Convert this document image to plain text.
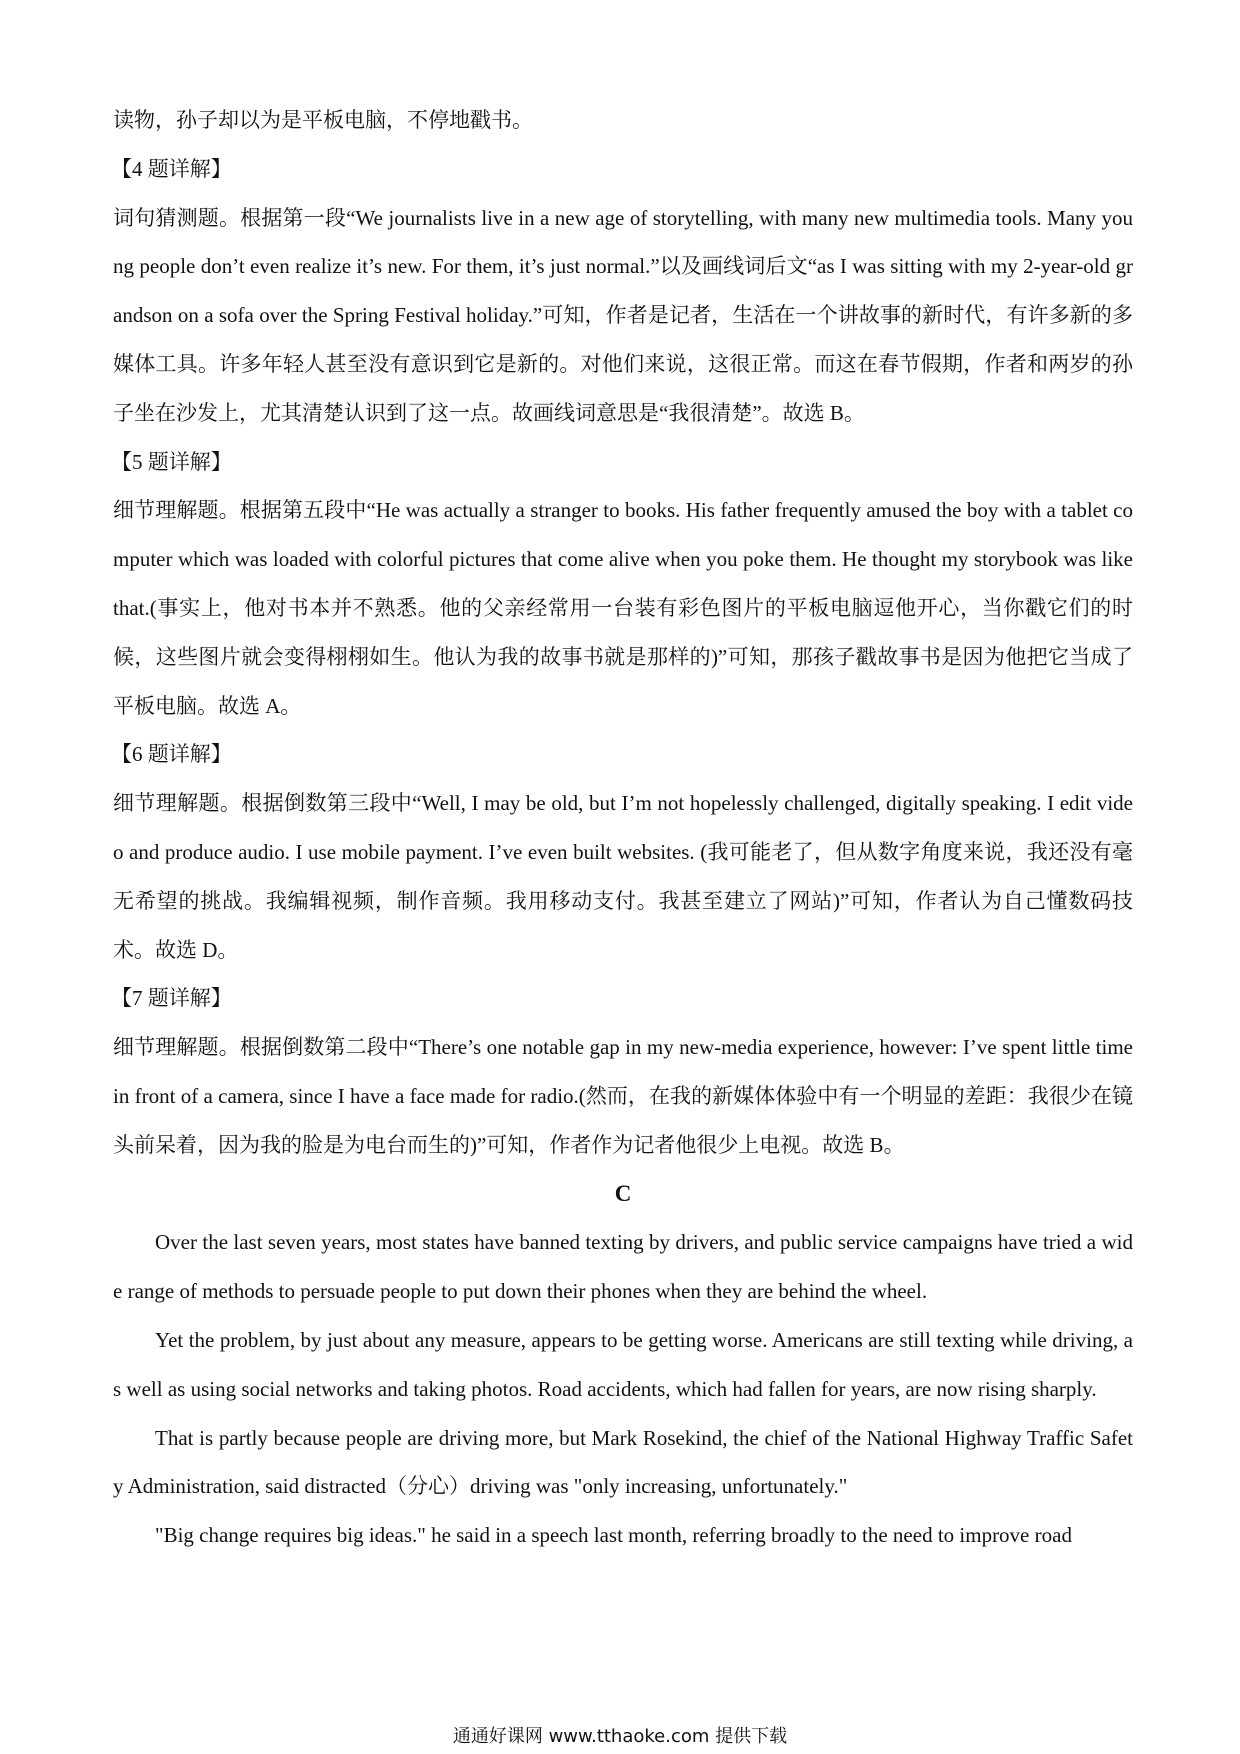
读物，孙子却以为是平板电脑，不停地戳书。

【4 题详解】

词句猜测题。根据第一段“We journalists live in a new age of storytelling, with many new multimedia tools. Many young people don’t even realize it’s new. For them, it’s just normal.”以及画线词后文“as I was sitting with my 2-year-old grandson on a sofa over the Spring Festival holiday.”可知，作者是记者，生活在一个讲故事的新时代，有许多新的多媒体工具。许多年轻人甚至没有意识到它是新的。对他们来说，这很正常。而这在春节假期，作者和两岁的孙子坐在沙发上，尤其清楚认识到了这一点。故画线词意思是“我很清楚”。故选 B。

【5 题详解】

细节理解题。根据第五段中“He was actually a stranger to books. His father frequently amused the boy with a tablet computer which was loaded with colorful pictures that come alive when you poke them. He thought my storybook was like that.(事实上，他对书本并不熟悉。他的父亲经常用一台装有彩色图片的平板电脑逗他开心，当你戳它们的时候，这些图片就会变得栩栩如生。他认为我的故事书就是那样的)”可知，那孩子戳故事书是因为他把它当成了平板电脑。故选 A。

【6 题详解】

细节理解题。根据倒数第三段中“Well, I may be old, but I’m not hopelessly challenged, digitally speaking. I edit video and produce audio. I use mobile payment. I’ve even built websites. (我可能老了，但从数字角度来说，我还没有毫无希望的挑战。我编辑视频，制作音频。我用移动支付。我甚至建立了网站)”可知，作者认为自己懂数码技术。故选 D。

【7 题详解】

细节理解题。根据倒数第二段中“There’s one notable gap in my new-media experience, however: I’ve spent little time in front of a camera, since I have a face made for radio.(然而，在我的新媒体体验中有一个明显的差距：我很少在镜头前呆着，因为我的脸是为电台而生的)”可知，作者作为记者他很少上电视。故选 B。

C

Over the last seven years, most states have banned texting by drivers, and public service campaigns have tried a wide range of methods to persuade people to put down their phones when they are behind the wheel.

Yet the problem, by just about any measure, appears to be getting worse. Americans are still texting while driving, as well as using social networks and taking photos. Road accidents, which had fallen for years, are now rising sharply.

That is partly because people are driving more, but Mark Rosekind, the chief of the National Highway Traffic Safety Administration, said distracted（分心）driving was "only increasing, unfortunately."

"Big change requires big ideas." he said in a speech last month, referring broadly to the need to improve road

通通好课网 www.tthaoke.com 提供下载
